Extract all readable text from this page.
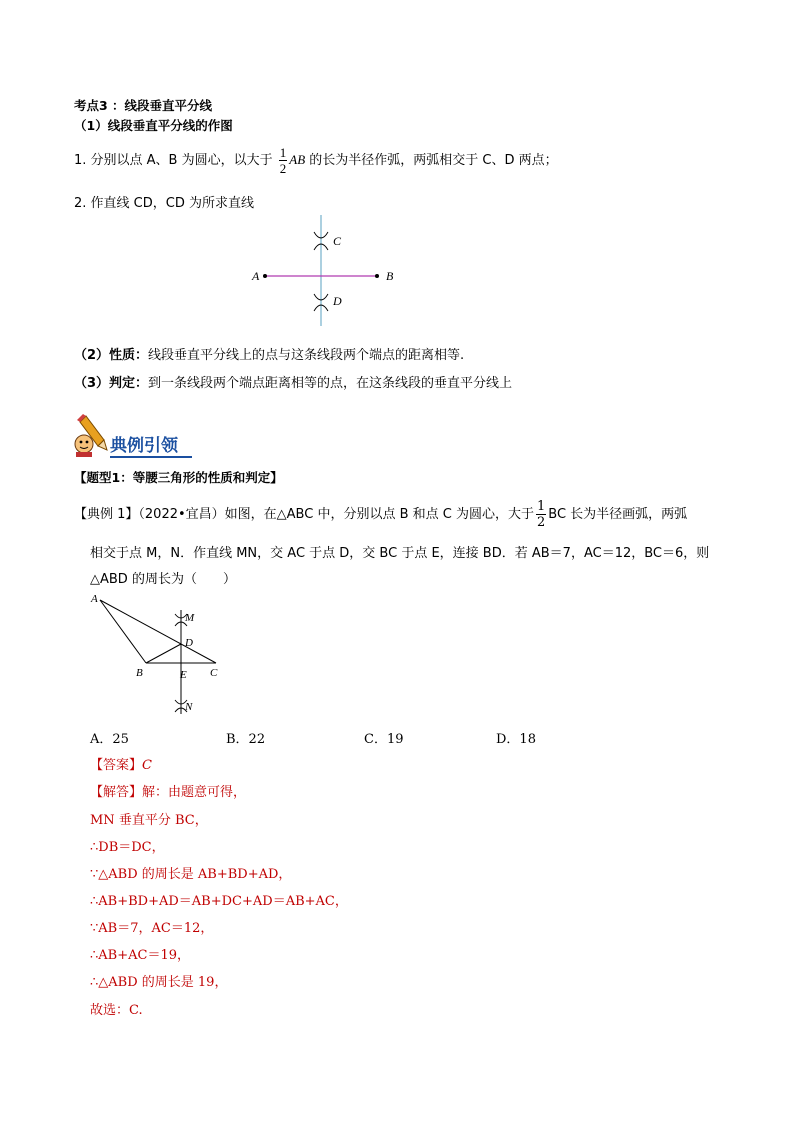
考点3 ：线段垂直平分线
（1）线段垂直平分线的作图
1. 分别以点 A、B 为圆心，以大于 $\frac{1}{2}$ AB 的长为半径作弧，两弧相交于 C、D 两点；
2. 作直线 CD，CD 为所求直线
A	B
C
D
（2）性质：线段垂直平分线上的点与这条线段两个端点的距离相等.
（3）判定：到一条线段两个端点距离相等的点，在这条线段的垂直平分线上
典例引领
【题型1：等腰三角形的性质和判定】
【典例 1】（2022•宜昌）如图，在△ABC 中，分别以点 B 和点 C 为圆心，大于 $\frac{1}{2}$ BC 长为半径画弧，两弧
相交于点 M，N．作直线 MN，交 AC 于点 D，交 BC 于点 E，连接 BD．若 AB＝7，AC＝12，BC＝6，则
△ABD 的周长为（　　）
A
B	C
D
E
M
N
A．25	B．22	C．19	D．18
【答案】C
【解答】解：由题意可得，
MN 垂直平分 BC，
∴DB＝DC，
∵△ABD 的周长是 AB+BD+AD，
∴AB+BD+AD＝AB+DC+AD＝AB+AC，
∵AB＝7，AC＝12，
∴AB+AC＝19，
∴△ABD 的周长是 19，
故选：C.
